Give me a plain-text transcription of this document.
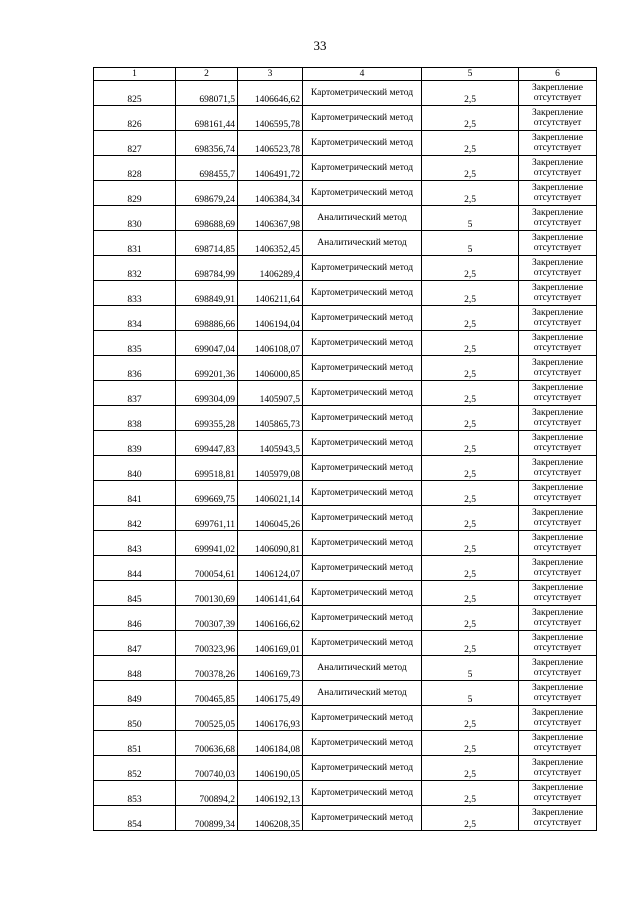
33
1	2	3	4	5	6
825	698071,5	1406646,62	Картометрический метод	2,5	Закрепление отсутствует
826	698161,44	1406595,78	Картометрический метод	2,5	Закрепление отсутствует
827	698356,74	1406523,78	Картометрический метод	2,5	Закрепление отсутствует
828	698455,7	1406491,72	Картометрический метод	2,5	Закрепление отсутствует
829	698679,24	1406384,34	Картометрический метод	2,5	Закрепление отсутствует
830	698688,69	1406367,98	Аналитический метод	5	Закрепление отсутствует
831	698714,85	1406352,45	Аналитический метод	5	Закрепление отсутствует
832	698784,99	1406289,4	Картометрический метод	2,5	Закрепление отсутствует
833	698849,91	1406211,64	Картометрический метод	2,5	Закрепление отсутствует
834	698886,66	1406194,04	Картометрический метод	2,5	Закрепление отсутствует
835	699047,04	1406108,07	Картометрический метод	2,5	Закрепление отсутствует
836	699201,36	1406000,85	Картометрический метод	2,5	Закрепление отсутствует
837	699304,09	1405907,5	Картометрический метод	2,5	Закрепление отсутствует
838	699355,28	1405865,73	Картометрический метод	2,5	Закрепление отсутствует
839	699447,83	1405943,5	Картометрический метод	2,5	Закрепление отсутствует
840	699518,81	1405979,08	Картометрический метод	2,5	Закрепление отсутствует
841	699669,75	1406021,14	Картометрический метод	2,5	Закрепление отсутствует
842	699761,11	1406045,26	Картометрический метод	2,5	Закрепление отсутствует
843	699941,02	1406090,81	Картометрический метод	2,5	Закрепление отсутствует
844	700054,61	1406124,07	Картометрический метод	2,5	Закрепление отсутствует
845	700130,69	1406141,64	Картометрический метод	2,5	Закрепление отсутствует
846	700307,39	1406166,62	Картометрический метод	2,5	Закрепление отсутствует
847	700323,96	1406169,01	Картометрический метод	2,5	Закрепление отсутствует
848	700378,26	1406169,73	Аналитический метод	5	Закрепление отсутствует
849	700465,85	1406175,49	Аналитический метод	5	Закрепление отсутствует
850	700525,05	1406176,93	Картометрический метод	2,5	Закрепление отсутствует
851	700636,68	1406184,08	Картометрический метод	2,5	Закрепление отсутствует
852	700740,03	1406190,05	Картометрический метод	2,5	Закрепление отсутствует
853	700894,2	1406192,13	Картометрический метод	2,5	Закрепление отсутствует
854	700899,34	1406208,35	Картометрический метод	2,5	Закрепление отсутствует
